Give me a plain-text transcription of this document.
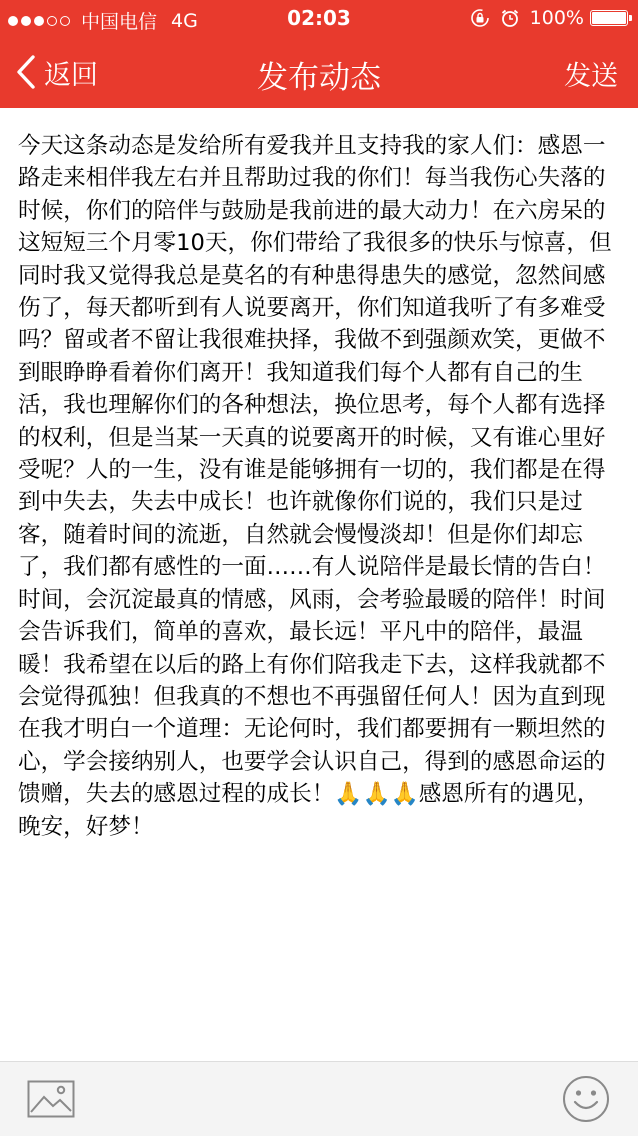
中国电信 4G	02:03	100%
返回	发布动态	发送
今天这条动态是发给所有爱我并且支持我的家人们：感恩一路走来相伴我左右并且帮助过我的你们！每当我伤心失落的时候，你们的陪伴与鼓励是我前进的最大动力！在六房呆的这短短三个月零10天，你们带给了我很多的快乐与惊喜，但同时我又觉得我总是莫名的有种患得患失的感觉，忽然间感伤了，每天都听到有人说要离开，你们知道我听了有多难受吗？留或者不留让我很难抉择，我做不到强颜欢笑，更做不到眼睁睁看着你们离开！我知道我们每个人都有自己的生活，我也理解你们的各种想法，换位思考，每个人都有选择的权利，但是当某一天真的说要离开的时候，又有谁心里好受呢？人的一生，没有谁是能够拥有一切的，我们都是在得到中失去，失去中成长！也许就像你们说的，我们只是过客，随着时间的流逝，自然就会慢慢淡却！但是你们却忘了，我们都有感性的一面……有人说陪伴是最长情的告白！时间，会沉淀最真的情感，风雨，会考验最暖的陪伴！时间会告诉我们，简单的喜欢，最长远！平凡中的陪伴，最温暖！我希望在以后的路上有你们陪我走下去，这样我就都不会觉得孤独！但我真的不想也不再强留任何人！因为直到现在我才明白一个道理：无论何时，我们都要拥有一颗坦然的心，学会接纳别人，也要学会认识自己，得到的感恩命运的馈赠，失去的感恩过程的成长！🙏🙏🙏感恩所有的遇见，晚安，好梦！
